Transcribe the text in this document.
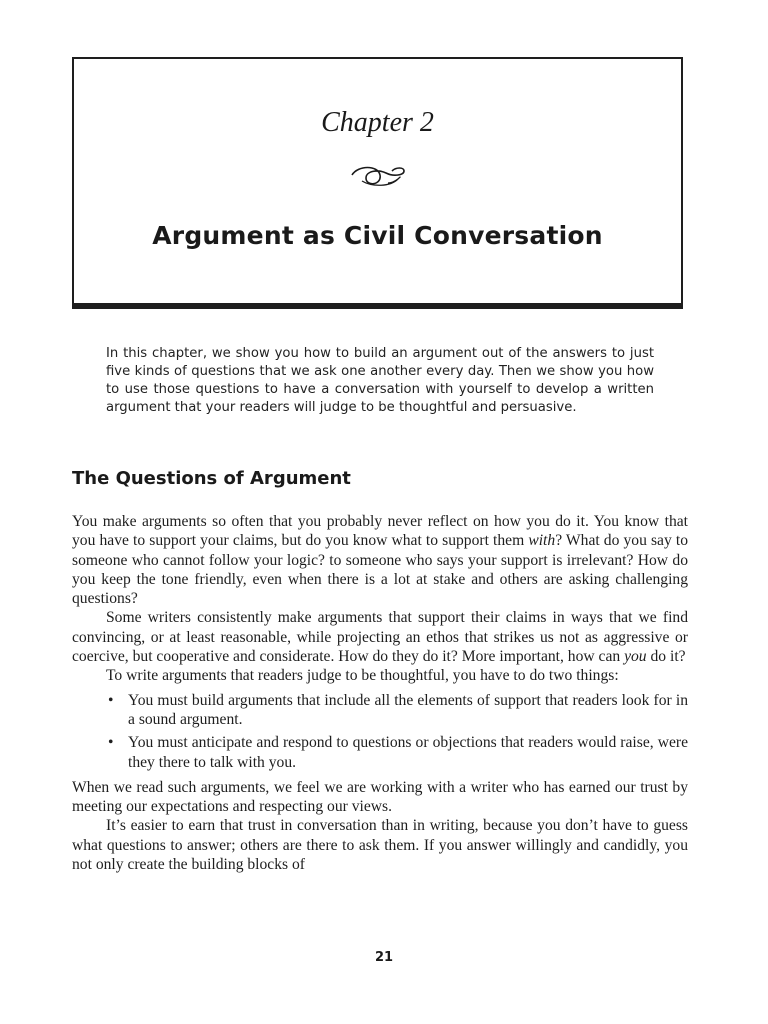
Chapter 2
Argument as Civil Conversation

In this chapter, we show you how to build an argument out of the answers to just five kinds of questions that we ask one another every day. Then we show you how to use those questions to have a conversation with yourself to develop a written argument that your readers will judge to be thoughtful and persuasive.

The Questions of Argument

You make arguments so often that you probably never reflect on how you do it. You know that you have to support your claims, but do you know what to support them with? What do you say to someone who cannot follow your logic? to someone who says your support is irrelevant? How do you keep the tone friendly, even when there is a lot at stake and others are asking challenging questions?

Some writers consistently make arguments that support their claims in ways that we find convincing, or at least reasonable, while projecting an ethos that strikes us not as aggressive or coercive, but cooperative and considerate. How do they do it? More important, how can you do it?

To write arguments that readers judge to be thoughtful, you have to do two things:

• You must build arguments that include all the elements of support that readers look for in a sound argument.
• You must anticipate and respond to questions or objections that readers would raise, were they there to talk with you.

When we read such arguments, we feel we are working with a writer who has earned our trust by meeting our expectations and respecting our views.

It’s easier to earn that trust in conversation than in writing, because you don’t have to guess what questions to answer; others are there to ask them. If you answer willingly and candidly, you not only create the building blocks of

21
